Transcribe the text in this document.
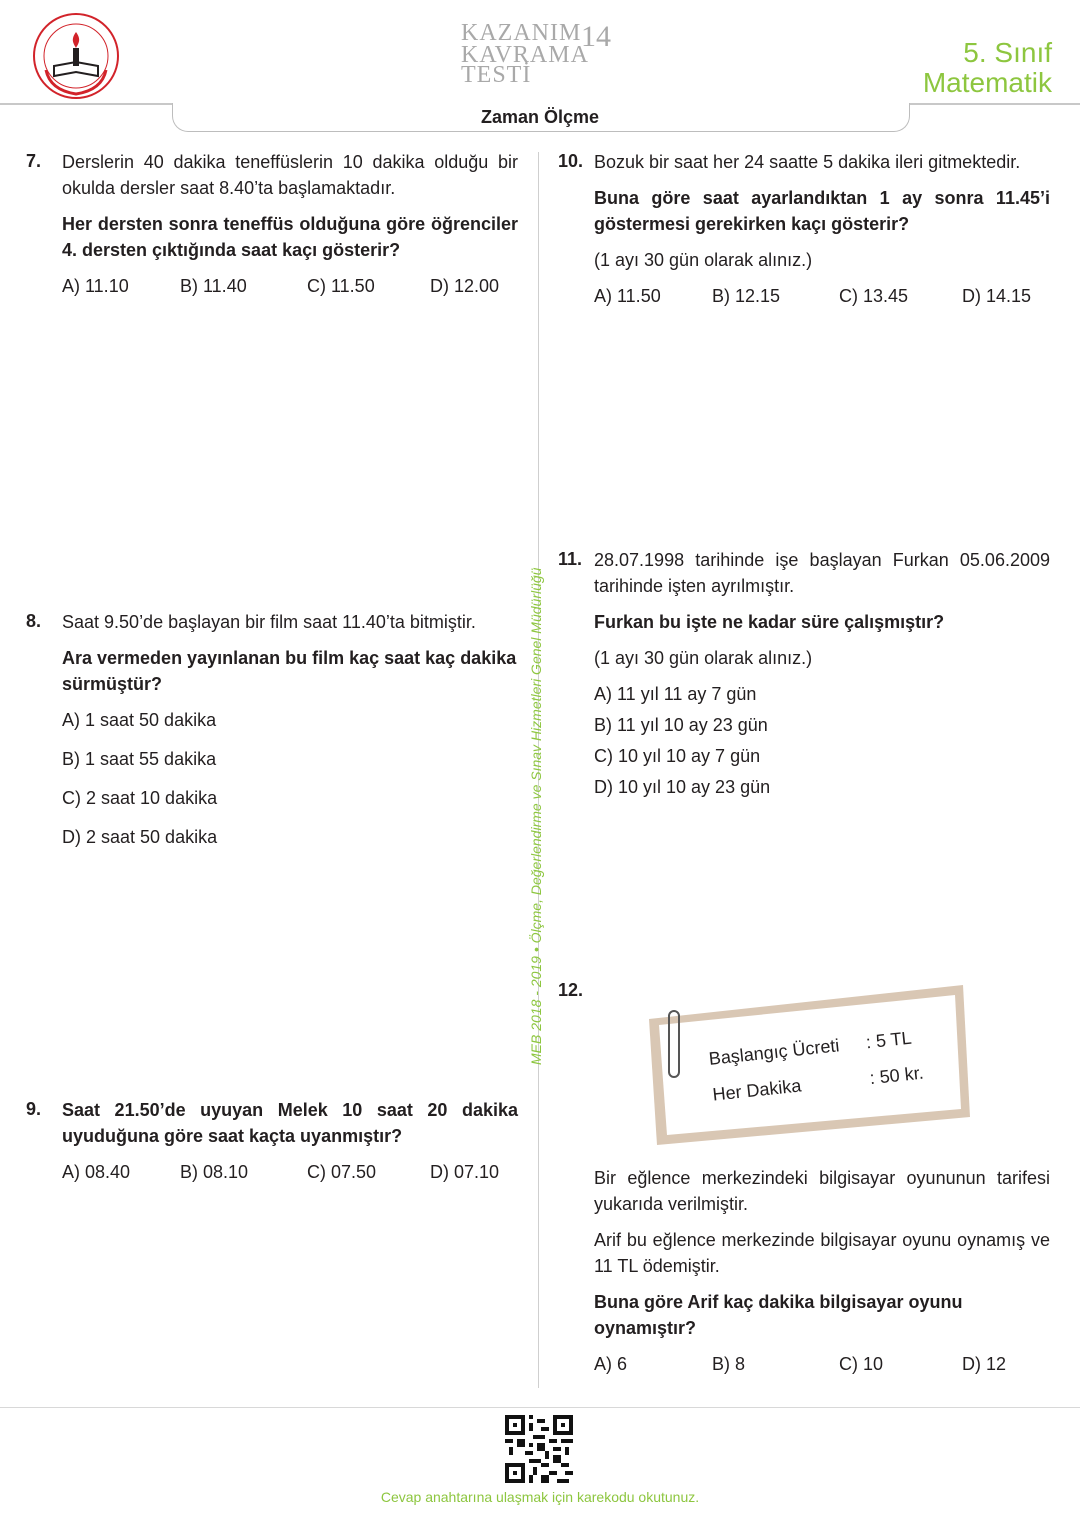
KAZANIM
KAVRAMA
TESTİ
14	5. Sınıf
Matematik
Zaman Ölçme
MEB 2018 - 2019 • Ölçme, Değerlendirme ve Sınav Hizmetleri Genel Müdürlüğü
7. Derslerin 40 dakika teneffüslerin 10 dakika olduğu bir okulda dersler saat 8.40’ta başlamaktadır.

Her dersten sonra teneffüs olduğuna göre öğrenciler 4. dersten çıktığında saat kaçı gösterir?

A) 11.10	B) 11.40	C) 11.50	D) 12.00
8. Saat 9.50’de başlayan bir film saat 11.40’ta bitmiştir.

Ara vermeden yayınlanan bu film kaç saat kaç dakika sürmüştür?

A) 1 saat 50 dakika

B) 1 saat 55 dakika

C) 2 saat 10 dakika

D) 2 saat 50 dakika

9. Saat 21.50’de uyuyan Melek 10 saat 20 dakika uyuduğuna göre saat kaçta uyanmıştır?

A) 08.40	B) 08.10	C) 07.50	D) 07.10
10. Bozuk bir saat her 24 saatte 5 dakika ileri gitmektedir.

Buna göre saat ayarlandıktan 1 ay sonra 11.45’i göstermesi gerekirken kaçı gösterir?

(1 ayı 30 gün olarak alınız.)

A) 11.50	B) 12.15	C) 13.45	D) 14.15
11. 28.07.1998 tarihinde işe başlayan Furkan 05.06.2009 tarihinde işten ayrılmıştır.

Furkan bu işte ne kadar süre çalışmıştır?

(1 ayı 30 gün olarak alınız.)

A) 11 yıl 11 ay 7 gün

B) 11 yıl 10 ay 23 gün

C) 10 yıl 10 ay 7 gün

D) 10 yıl 10 ay 23 gün

12.
Başlangıç Ücreti : 5 TL
Her Dakika
: 50 kr.

Bir eğlence merkezindeki bilgisayar oyununun tarifesi yukarıda verilmiştir.

Arif bu eğlence merkezinde bilgisayar oyunu oynamış ve 11 TL ödemiştir.

Buna göre Arif kaç dakika bilgisayar oyunu oynamıştır?

A) 6	B) 8	C) 10	D) 12
Cevap anahtarına ulaşmak için karekodu okutunuz.
